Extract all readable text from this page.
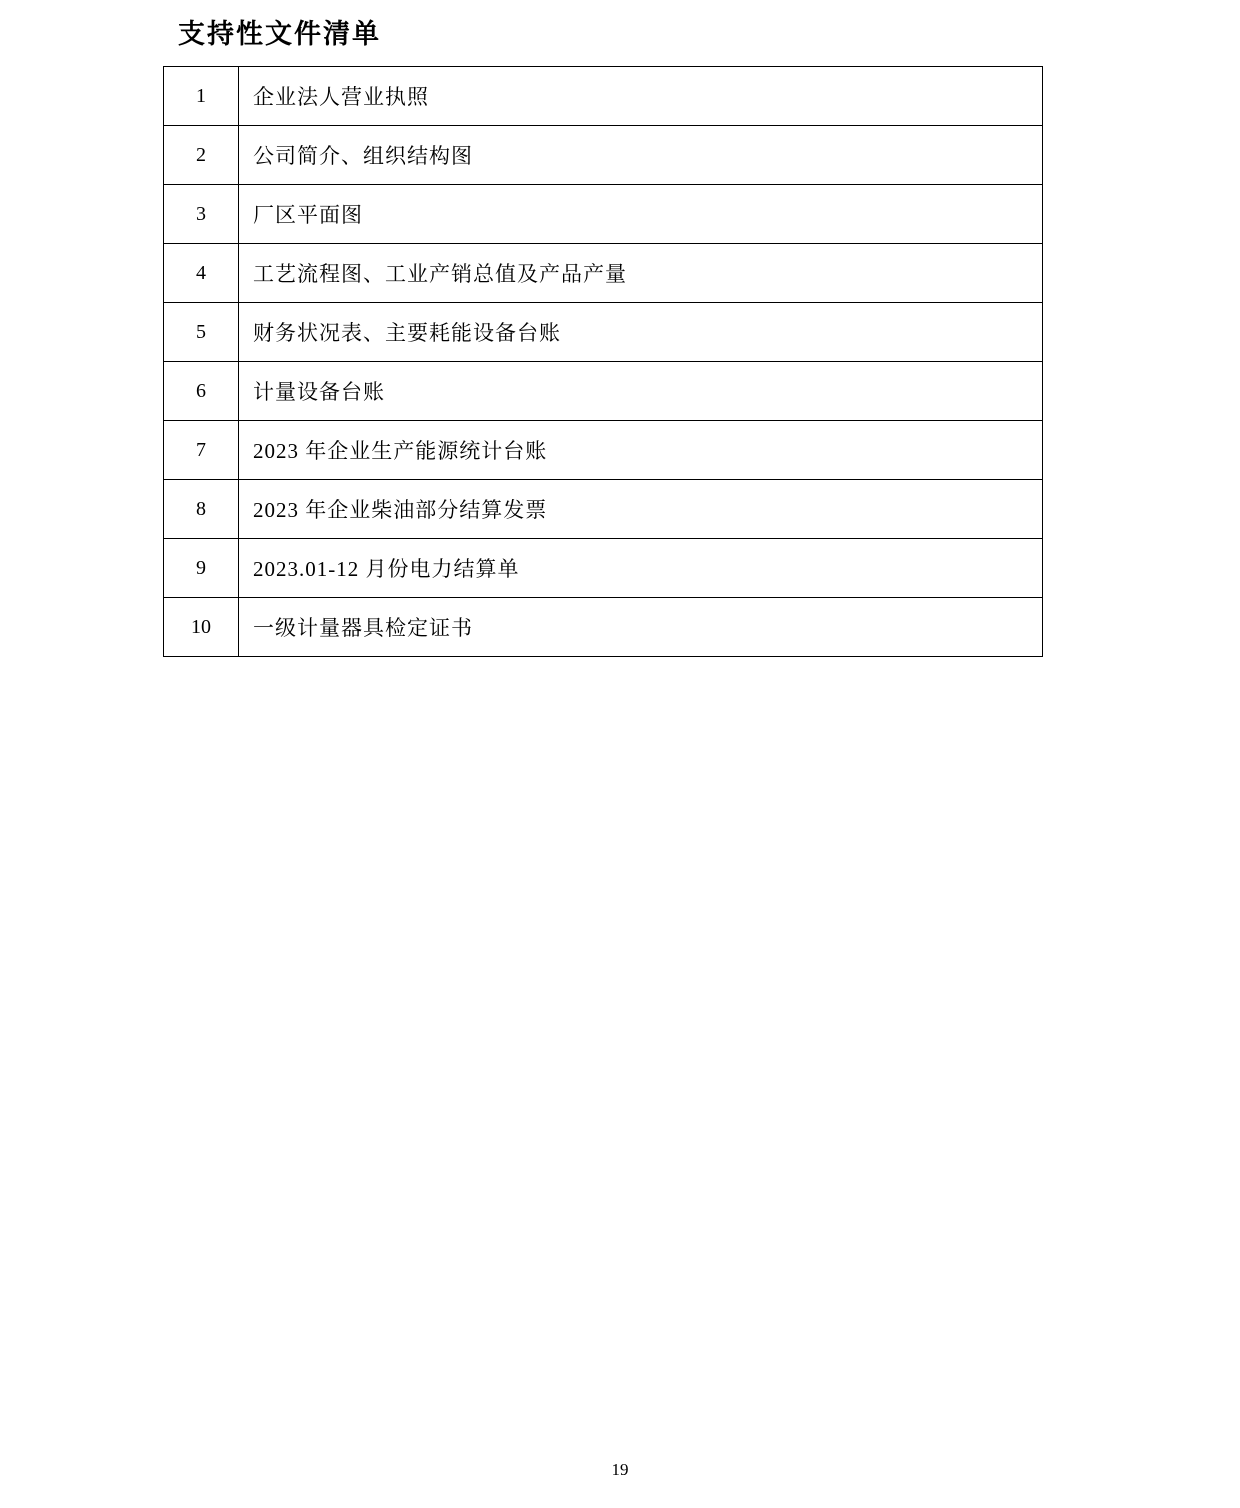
支持性文件清单
1	企业法人营业执照
2	公司简介、组织结构图
3	厂区平面图
4	工艺流程图、工业产销总值及产品产量
5	财务状况表、主要耗能设备台账
6	计量设备台账
7	2023 年企业生产能源统计台账
8	2023 年企业柴油部分结算发票
9	2023.01-12 月份电力结算单
10	一级计量器具检定证书
19
